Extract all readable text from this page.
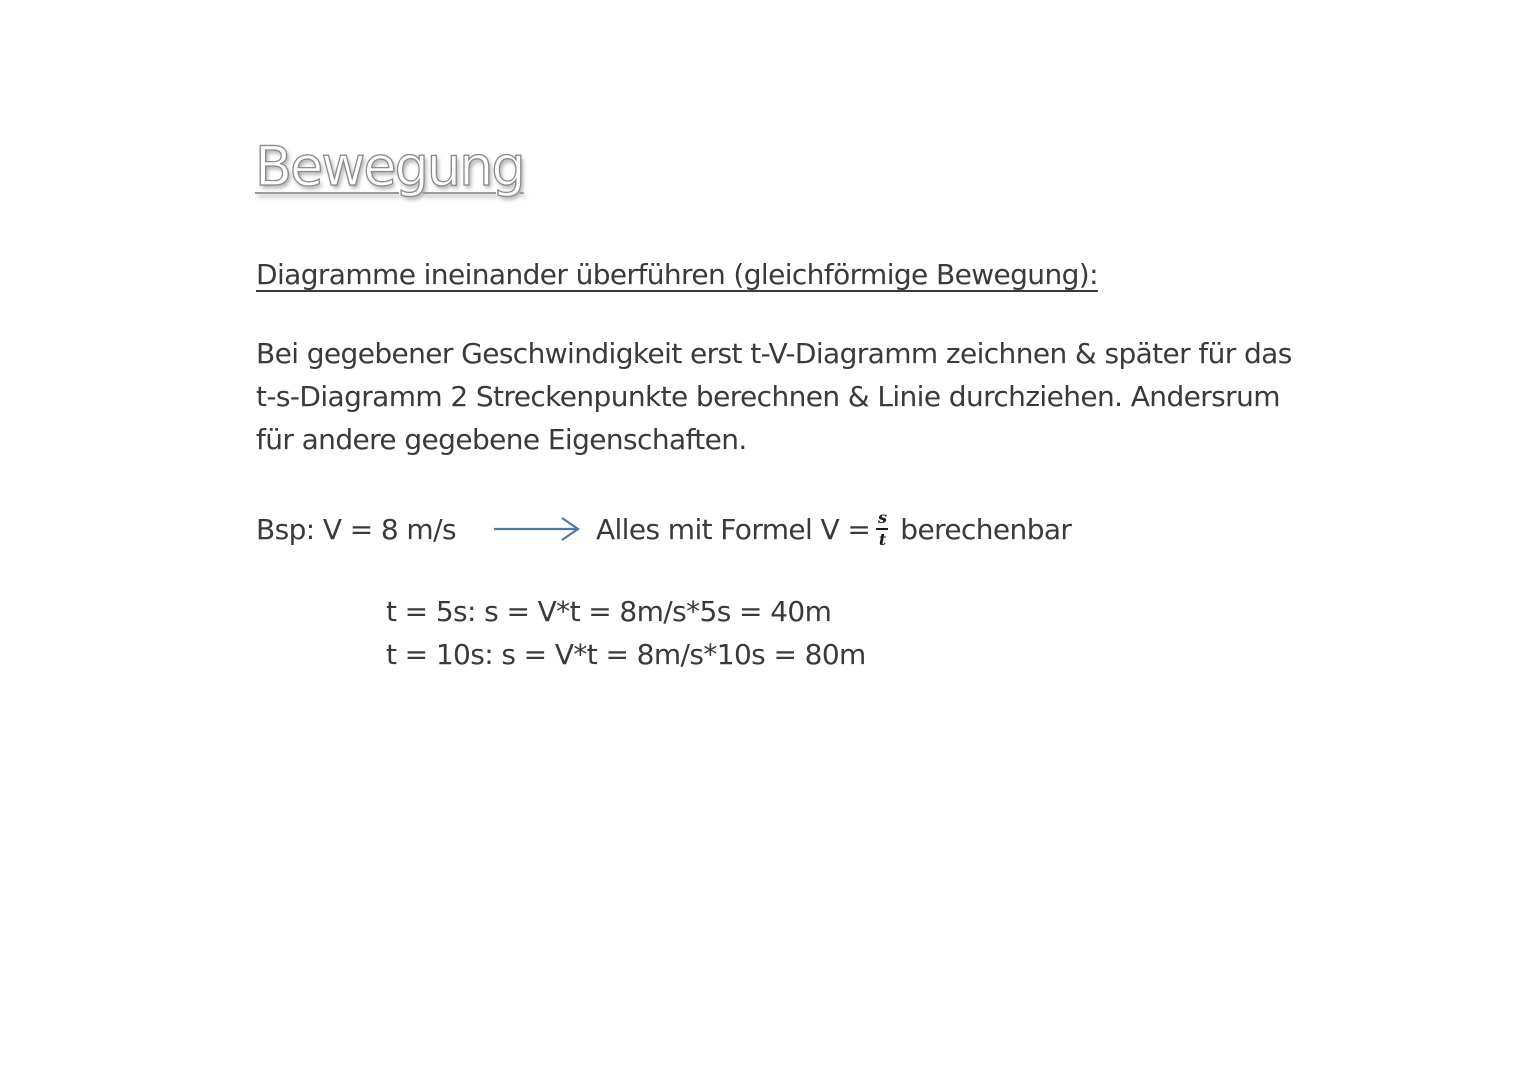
Bewegung

Diagramme ineinander überführen (gleichförmige Bewegung):

Bei gegebener Geschwindigkeit erst t-V-Diagramm zeichnen & später für das
t-s-Diagramm 2 Streckenpunkte berechnen & Linie durchziehen. Andersrum
für andere gegebene Eigenschaften.

Bsp: V = 8 m/s	Alles mit Formel $V = \frac{s}{t}$ berechenbar

t = 5s: s = V*t = 8m/s*5s = 40m

t = 10s: s = V*t = 8m/s*10s = 80m
